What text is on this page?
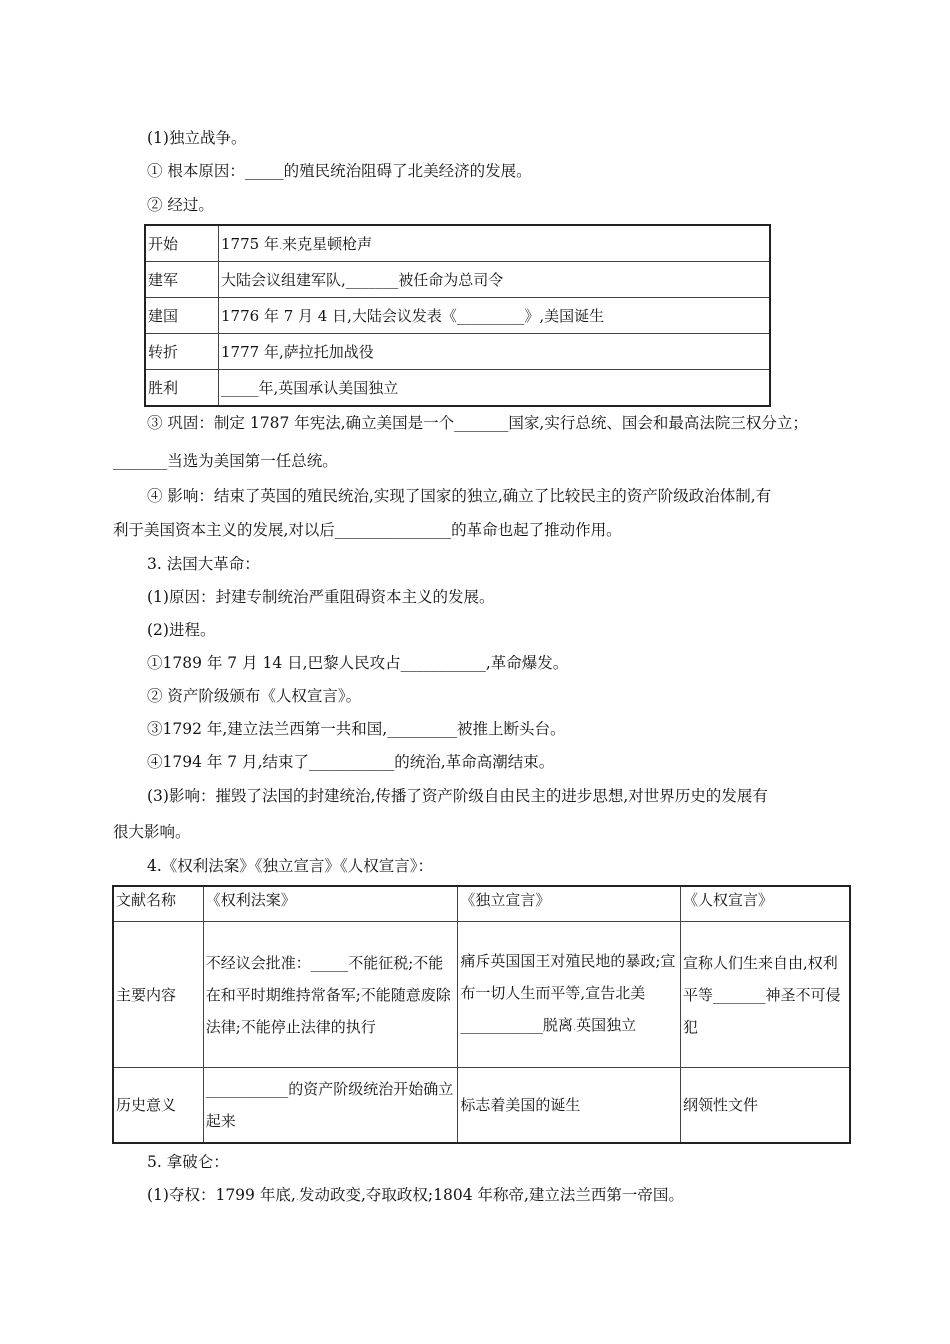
(1)独立战争。
① 根本原因：_____的殖民统治阻碍了北美经济的发展。
② 经过。
开始	1775 年.来克星顿枪声
建军	大陆会议组建军队,_______被任命为总司令
建国	1776 年 7 月 4 日,大陆会议发表《_________》,美国诞生
转折	1777 年,萨拉托加战役
胜利	_____年,英国承认美国独立
③ 巩固：制定 1787 年宪法,确立美国是一个_______国家,实行总统、国会和最高法院三权分立；
_______当选为美国第一任总统。
④ 影响：结束了英国的殖民统治,实现了国家的独立,确立了比较民主的资产阶级政治体制,有
利于美国资本主义的发展,对以后_______________的革命也起了推动作用。
3. 法国大革命：
(1)原因：封建专制统治严重阻碍资本主义的发展。
(2)进程。
①1789 年 7 月 14 日,巴黎人民攻占___________,革命爆发。
② 资产阶级颁布《人权宣言》。
③1792 年,建立法兰西第一共和国,_________被推上断头台。
④1794 年 7 月,结束了___________的统治,革命高潮结束。
(3)影响：摧毁了法国的封建统治,传播了资产阶级自由民主的进步思想,对世界历史的发展有
很大影响。
4.《权利法案》《独立宣言》《人权宣言》：
文献名称	《权利法案》	《独立宣言》	《人权宣言》
主要内容	不经议会批准：_____不能征税;不能在和平时期维持常备军;不能随意废除法律;不能停止法律的执行	痛斥英国国王对殖民地的暴政;宣布一切人生而平等,宣告北美___________脱离.英国独立	宣称人们生来自由,权利平等_______神圣不可侵犯
历史意义	___________的资产阶级统治开始确立起来	标志着美国的诞生	纲领性文件
5. 拿破仑：
(1)夺权：1799 年底,.发动政变,夺取政权;1804 年称帝,建立法兰西第一帝国。
